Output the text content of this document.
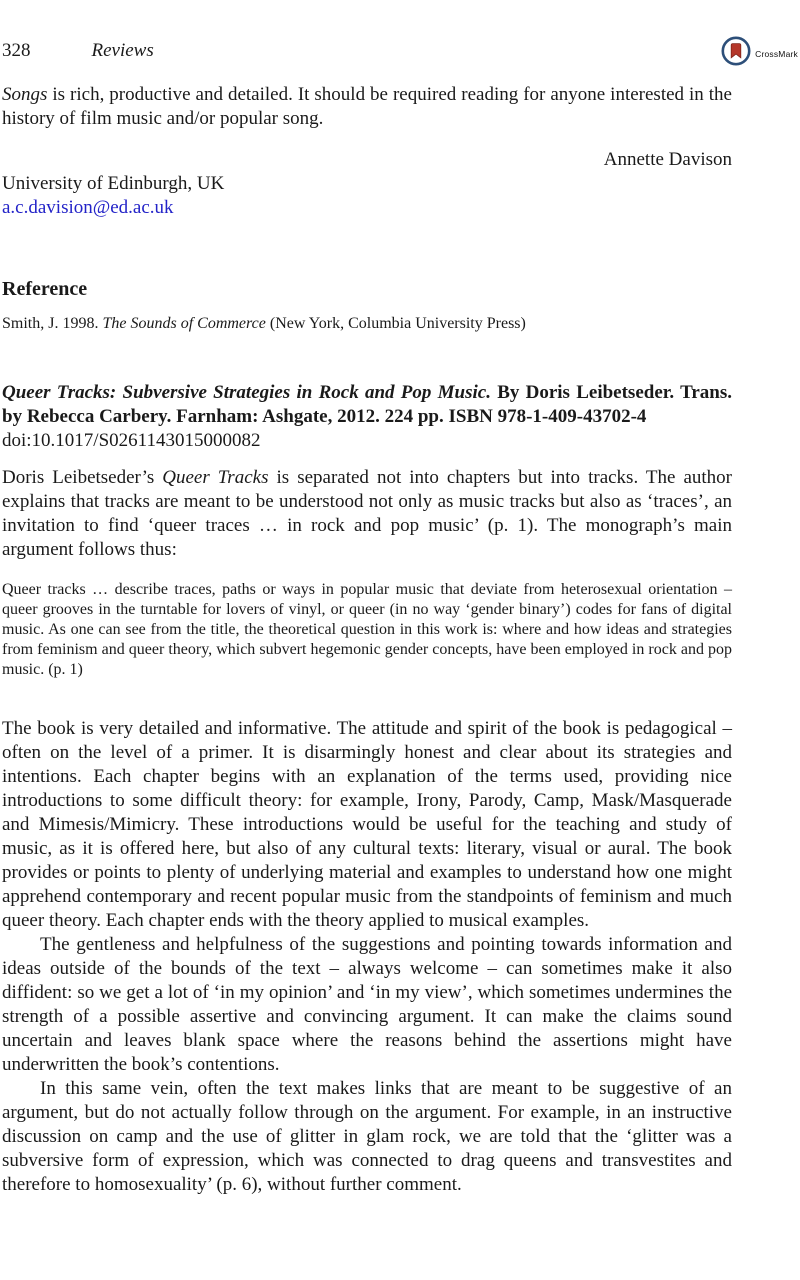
CrossMark
328	Reviews

Songs is rich, productive and detailed. It should be required reading for anyone interested in the history of film music and/or popular song.

Annette Davison
University of Edinburgh, UK
a.c.davision@ed.ac.uk
Reference

Smith, J. 1998. The Sounds of Commerce (New York, Columbia University Press)

Queer Tracks: Subversive Strategies in Rock and Pop Music. By Doris Leibetseder. Trans. by Rebecca Carbery. Farnham: Ashgate, 2012. 224 pp. ISBN 978-1-409-43702-4
doi:10.1017/S0261143015000082

Doris Leibetseder’s Queer Tracks is separated not into chapters but into tracks. The author explains that tracks are meant to be understood not only as music tracks but also as ‘traces’, an invitation to find ‘queer traces … in rock and pop music’ (p. 1). The monograph’s main argument follows thus:

Queer tracks … describe traces, paths or ways in popular music that deviate from heterosexual orientation – queer grooves in the turntable for lovers of vinyl, or queer (in no way ‘gender binary’) codes for fans of digital music. As one can see from the title, the theoretical question in this work is: where and how ideas and strategies from feminism and queer theory, which subvert hegemonic gender concepts, have been employed in rock and pop music. (p. 1)

The book is very detailed and informative. The attitude and spirit of the book is pedagogical – often on the level of a primer. It is disarmingly honest and clear about its strategies and intentions. Each chapter begins with an explanation of the terms used, providing nice introductions to some difficult theory: for example, Irony, Parody, Camp, Mask/Masquerade and Mimesis/Mimicry. These introductions would be useful for the teaching and study of music, as it is offered here, but also of any cultural texts: literary, visual or aural. The book provides or points to plenty of underlying material and examples to understand how one might apprehend contemporary and recent popular music from the standpoints of feminism and much queer theory. Each chapter ends with the theory applied to musical examples.

The gentleness and helpfulness of the suggestions and pointing towards information and ideas outside of the bounds of the text – always welcome – can sometimes make it also diffident: so we get a lot of ‘in my opinion’ and ‘in my view’, which sometimes undermines the strength of a possible assertive and convincing argument. It can make the claims sound uncertain and leaves blank space where the reasons behind the assertions might have underwritten the book’s contentions.

In this same vein, often the text makes links that are meant to be suggestive of an argument, but do not actually follow through on the argument. For example, in an instructive discussion on camp and the use of glitter in glam rock, we are told that the ‘glitter was a subversive form of expression, which was connected to drag queens and transvestites and therefore to homosexuality’ (p. 6), without further comment.
